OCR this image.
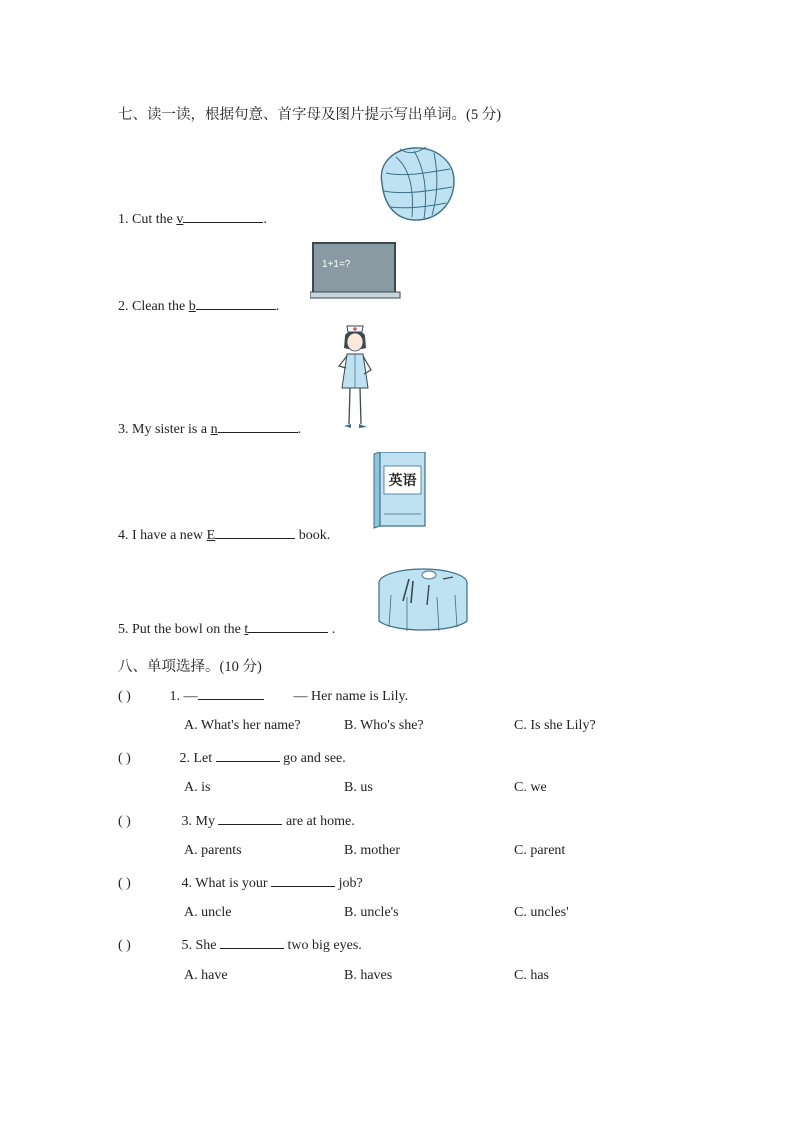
七、读一读，根据句意、首字母及图片提示写出单词。(5 分)
1. Cut the v	.
2. Clean the b	.
1+1=?
3. My sister is a n	.
4. I have a new E	book.
英语
5. Put the bowl on the t	.
八、单项选择。(10 分)
( )	1. —	— Her name is Lily.
A. What's her name?	B. Who's she?	C. Is she Lily?
( )	2. Let	go and see.
A. is	B. us	C. we
( )	3. My	are at home.
A. parents	B. mother	C. parent
( )	4. What is your	job?
A. uncle	B. uncle's	C. uncles'
( )	5. She	two big eyes.
A. have	B. haves	C. has
